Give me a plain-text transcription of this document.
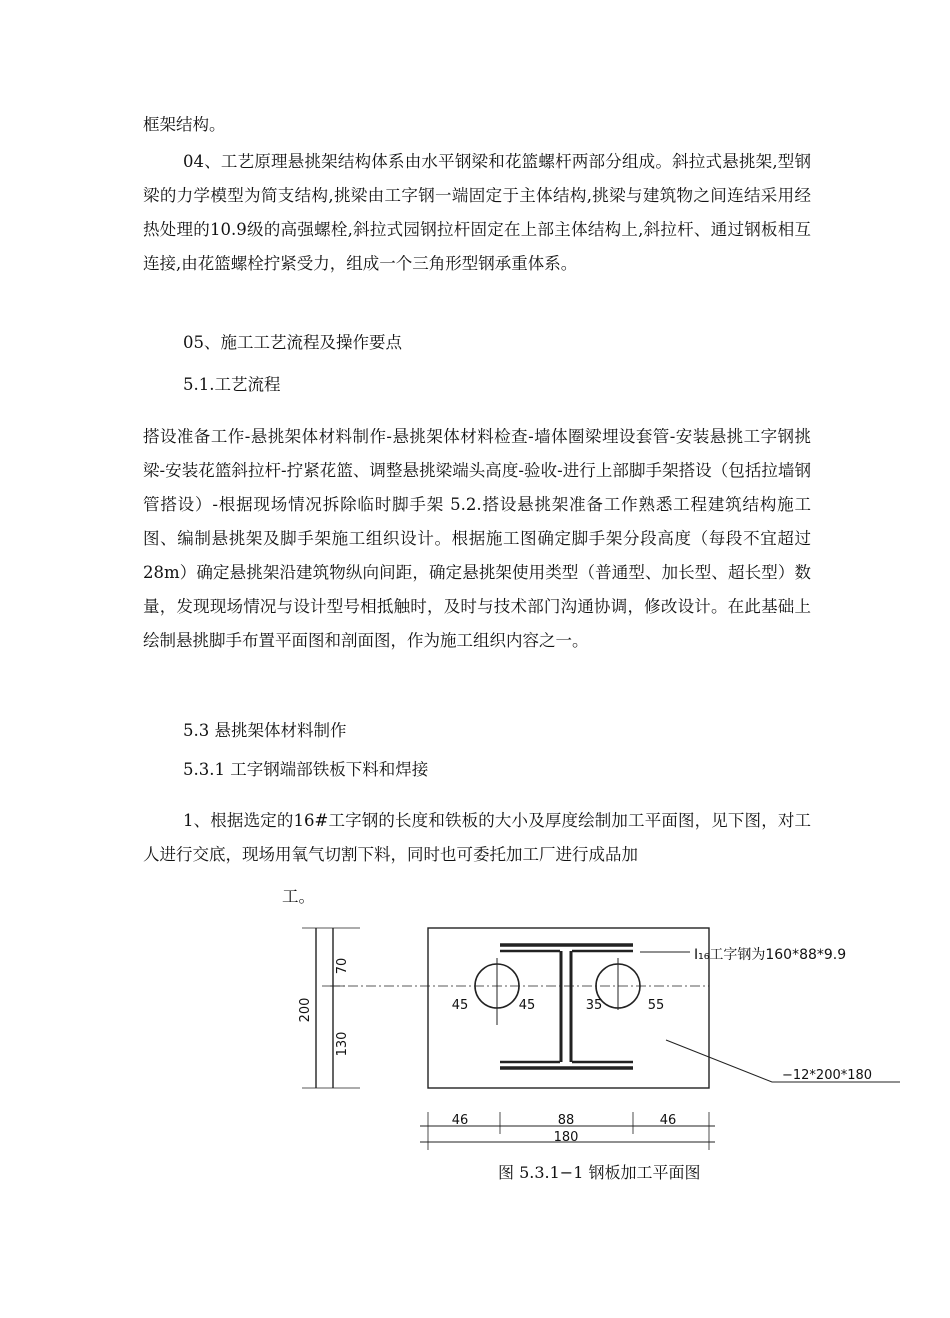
框架结构。

04、工艺原理悬挑架结构体系由水平钢梁和花篮螺杆两部分组成。斜拉式悬挑架,型钢梁的力学模型为简支结构,挑梁由工字钢一端固定于主体结构,挑梁与建筑物之间连结采用经热处理的10.9级的高强螺栓,斜拉式园钢拉杆固定在上部主体结构上,斜拉杆、通过钢板相互连接,由花篮螺栓拧紧受力，组成一个三角形型钢承重体系。

05、施工工艺流程及操作要点

5.1.工艺流程

搭设准备工作-悬挑架体材料制作-悬挑架体材料检查-墙体圈梁埋设套管-安装悬挑工字钢挑梁-安装花篮斜拉杆-拧紧花篮、调整悬挑梁端头高度-验收-进行上部脚手架搭设（包括拉墙钢管搭设）-根据现场情况拆除临时脚手架 5.2.搭设悬挑架准备工作熟悉工程建筑结构施工图、编制悬挑架及脚手架施工组织设计。根据施工图确定脚手架分段高度（每段不宜超过 28m）确定悬挑架沿建筑物纵向间距，确定悬挑架使用类型（普通型、加长型、超长型）数量，发现现场情况与设计型号相抵触时，及时与技术部门沟通协调，修改设计。在此基础上绘制悬挑脚手布置平面图和剖面图，作为施工组织内容之一。

5.3 悬挑架体材料制作

5.3.1 工字钢端部铁板下料和焊接

1、根据选定的16#工字钢的长度和铁板的大小及厚度绘制加工平面图，见下图，对工人进行交底，现场用氧气切割下料，同时也可委托加工厂进行成品加

工。

70
200
130
45	45	35	55
46	88	46
180
I₁₆工字钢为160*88*9.9
−12*200*180
图 5.3.1−1 钢板加工平面图
